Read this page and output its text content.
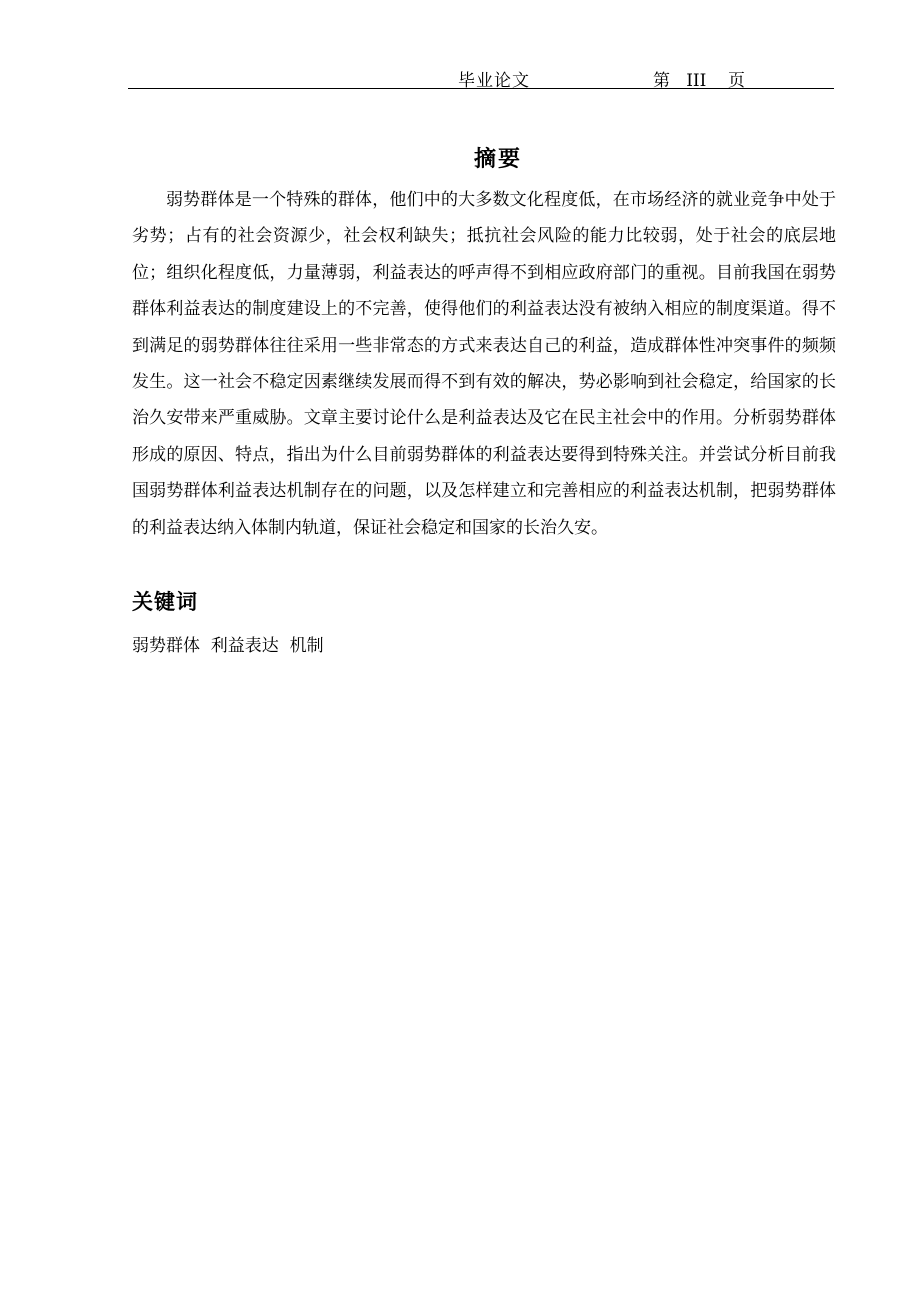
毕业论文	第 III 页
摘要

弱势群体是一个特殊的群体，他们中的大多数文化程度低，在市场经济的就业竞争中处于劣势；占有的社会资源少，社会权利缺失；抵抗社会风险的能力比较弱，处于社会的底层地位；组织化程度低，力量薄弱，利益表达的呼声得不到相应政府部门的重视。目前我国在弱势群体利益表达的制度建设上的不完善，使得他们的利益表达没有被纳入相应的制度渠道。得不到满足的弱势群体往往采用一些非常态的方式来表达自己的利益，造成群体性冲突事件的频频发生。这一社会不稳定因素继续发展而得不到有效的解决，势必影响到社会稳定，给国家的长治久安带来严重威胁。文章主要讨论什么是利益表达及它在民主社会中的作用。分析弱势群体形成的原因、特点，指出为什么目前弱势群体的利益表达要得到特殊关注。并尝试分析目前我国弱势群体利益表达机制存在的问题，以及怎样建立和完善相应的利益表达机制，把弱势群体的利益表达纳入体制内轨道，保证社会稳定和国家的长治久安。

关键词
弱势群体  利益表达  机制
